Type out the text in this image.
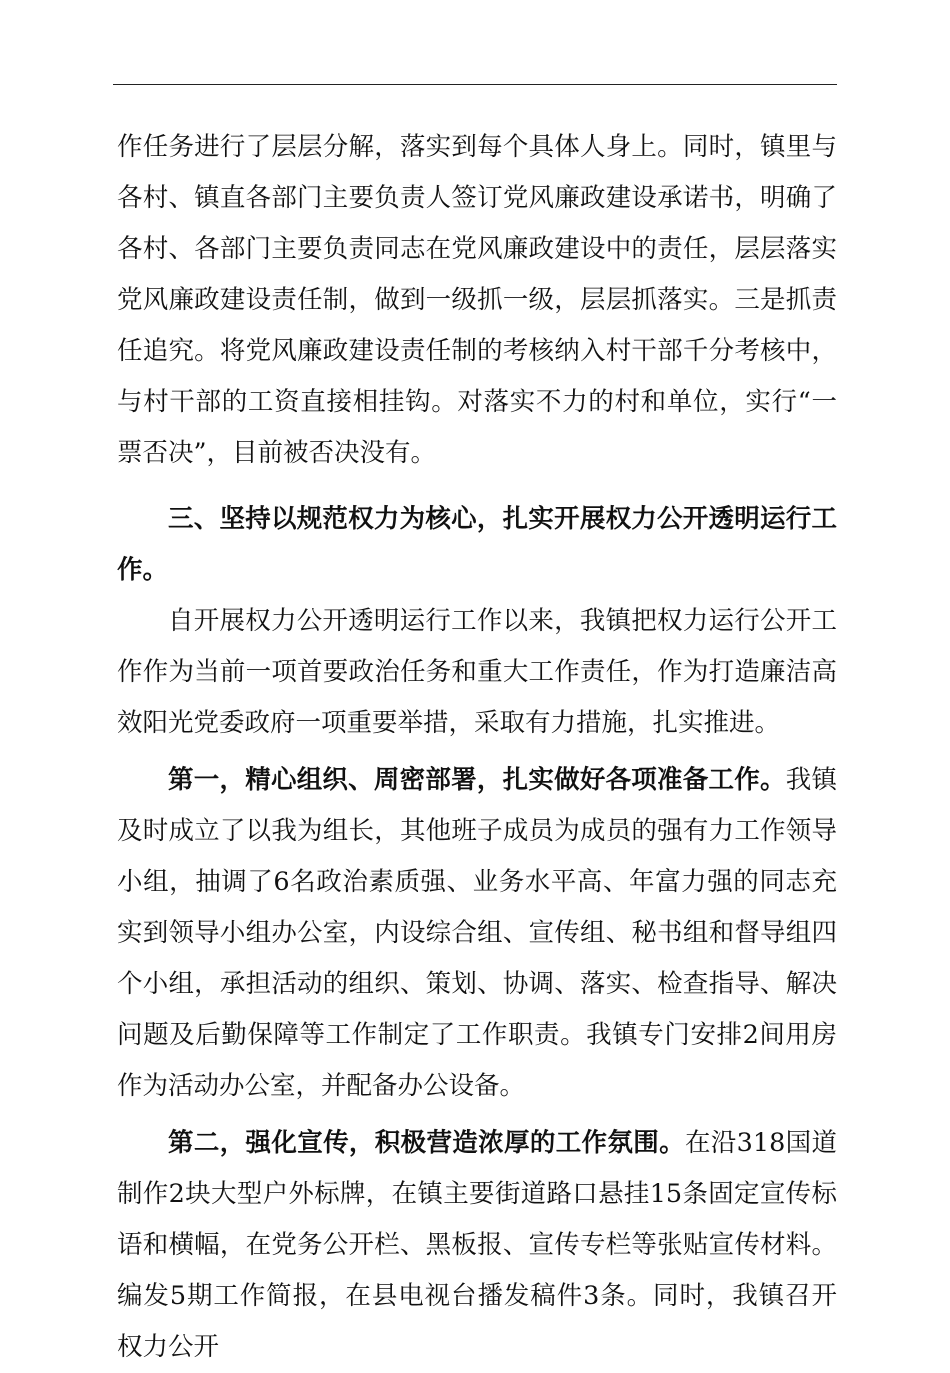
作任务进行了层层分解，落实到每个具体人身上。同时，镇里与各村、镇直各部门主要负责人签订党风廉政建设承诺书，明确了各村、各部门主要负责同志在党风廉政建设中的责任，层层落实党风廉政建设责任制，做到一级抓一级，层层抓落实。三是抓责任追究。将党风廉政建设责任制的考核纳入村干部千分考核中，与村干部的工资直接相挂钩。对落实不力的村和单位，实行“一票否决”，目前被否决没有。

三、坚持以规范权力为核心，扎实开展权力公开透明运行工作。

自开展权力公开透明运行工作以来，我镇把权力运行公开工作作为当前一项首要政治任务和重大工作责任，作为打造廉洁高效阳光党委政府一项重要举措，采取有力措施，扎实推进。

第一，精心组织、周密部署，扎实做好各项准备工作。我镇及时成立了以我为组长，其他班子成员为成员的强有力工作领导小组，抽调了6名政治素质强、业务水平高、年富力强的同志充实到领导小组办公室，内设综合组、宣传组、秘书组和督导组四个小组，承担活动的组织、策划、协调、落实、检查指导、解决问题及后勤保障等工作制定了工作职责。我镇专门安排2间用房作为活动办公室，并配备办公设备。

第二，强化宣传，积极营造浓厚的工作氛围。在沿318国道制作2块大型户外标牌，在镇主要街道路口悬挂15条固定宣传标语和横幅，在党务公开栏、黑板报、宣传专栏等张贴宣传材料。编发5期工作简报，在县电视台播发稿件3条。同时，我镇召开权力公开
